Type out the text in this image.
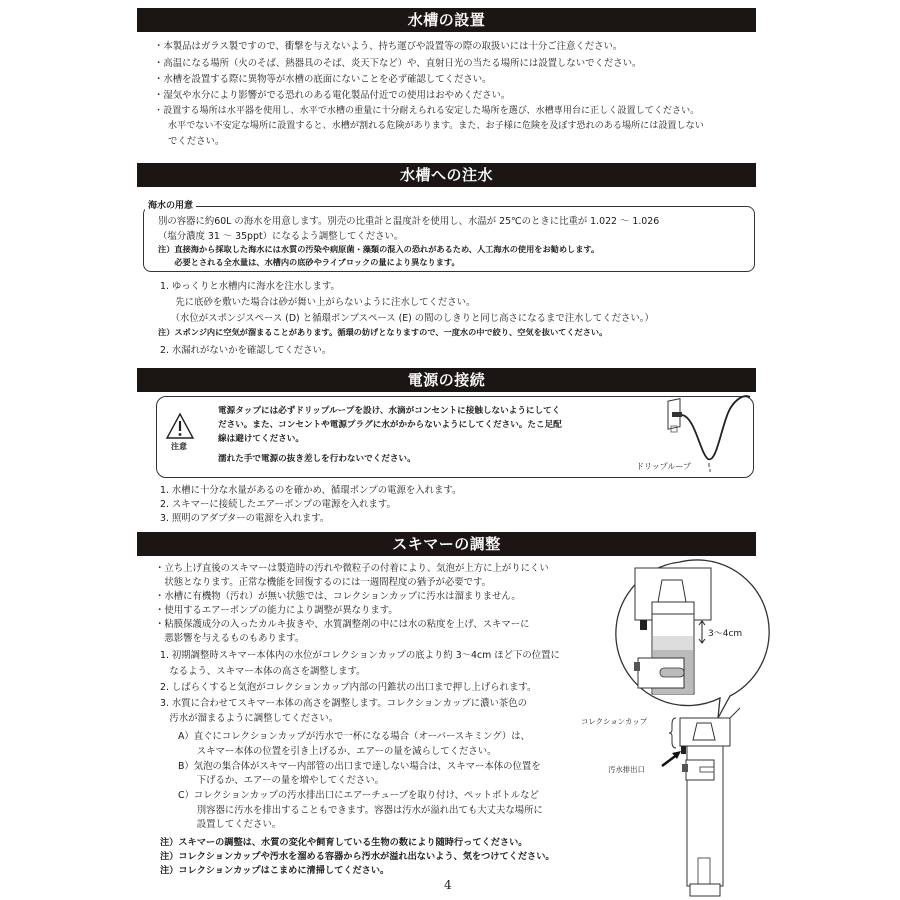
水槽の設置
・本製品はガラス製ですので、衝撃を与えないよう、持ち運びや設置等の際の取扱いには十分ご注意ください。
・高温になる場所（火のそば、熱器具のそば、炎天下など）や、直射日光の当たる場所には設置しないでください。
・水槽を設置する際に異物等が水槽の底面にないことを必ず確認してください。
・湿気や水分により影響がでる恐れのある電化製品付近での使用はおやめください。
・設置する場所は水平器を使用し、水平で水槽の重量に十分耐えられる安定した場所を選び、水槽専用台に正しく設置してください。
水平でない不安定な場所に設置すると、水槽が割れる危険があります。また、お子様に危険を及ぼす恐れのある場所には設置しない
でください。
水槽への注水
海水の用意
別の容器に約60L の海水を用意します。別売の比重計と温度計を使用し、水温が 25℃のときに比重が 1.022 ～ 1.026
（塩分濃度 31 ～ 35ppt）になるよう調整してください。
注）直接海から採取した海水には水質の汚染や病原菌・藻類の混入の恐れがあるため、人工海水の使用をお勧めします。
　　必要とされる全水量は、水槽内の底砂やライブロックの量により異なります。
1. ゆっくりと水槽内に海水を注水します。
　先に底砂を敷いた場合は砂が舞い上がらないように注水してください。
　（水位がスポンジスペース (D) と循環ポンプスペース (E) の間のしきりと同じ高さになるまで注水してください。）
注）スポンジ内に空気が溜まることがあります。循環の妨げとなりますので、一度水の中で絞り、空気を抜いてください。
2. 水漏れがないかを確認してください。
電源の接続
注意
電源タップには必ずドリップループを設け、水滴がコンセントに接触しないようにしてく
ださい。また、コンセントや電源プラグに水がかからないようにしてください。たこ足配
線は避けてください。
濡れた手で電源の抜き差しを行わないでください。
ドリップループ
1. 水槽に十分な水量があるのを確かめ、循環ポンプの電源を入れます。
2. スキマーに接続したエアーポンプの電源を入れます。
3. 照明のアダプターの電源を入れます。
スキマーの調整
・立ち上げ直後のスキマーは製造時の汚れや微粒子の付着により、気泡が上方に上がりにくい
　状態となります。正常な機能を回復するのには一週間程度の猶予が必要です。
・水槽に有機物（汚れ）が無い状態では、コレクションカップに汚水は溜まりません。
・使用するエアーポンプの能力により調整が異なります。
・粘膜保護成分の入ったカルキ抜きや、水質調整剤の中には水の粘度を上げ、スキマーに
　悪影響を与えるものもあります。
1. 初期調整時スキマー本体内の水位がコレクションカップの底より約 3～4cm ほど下の位置に
　なるよう、スキマー本体の高さを調整します。
2. しばらくすると気泡がコレクションカップ内部の円錐状の出口まで押し上げられます。
3. 水質に合わせてスキマー本体の高さを調整します。コレクションカップに濃い茶色の
　汚水が溜まるように調整してください。
A）直ぐにコレクションカップが汚水で一杯になる場合（オーバースキミング）は、
　　スキマー本体の位置を引き上げるか、エアーの量を減らしてください。
B）気泡の集合体がスキマー内部管の出口まで達しない場合は、スキマー本体の位置を
　　下げるか、エアーの量を増やしてください。
C）コレクションカップの汚水排出口にエアーチューブを取り付け、ペットボトルなど
　　別容器に汚水を排出することもできます。容器は汚水が溢れ出ても大丈夫な場所に
　　設置してください。
注）スキマーの調整は、水質の変化や飼育している生物の数により随時行ってください。
注）コレクションカップや汚水を溜める容器から汚水が溢れ出ないよう、気をつけてください。
注）コレクションカップはこまめに清掃してください。
3～4cm
コレクションカップ
汚水排出口
4
